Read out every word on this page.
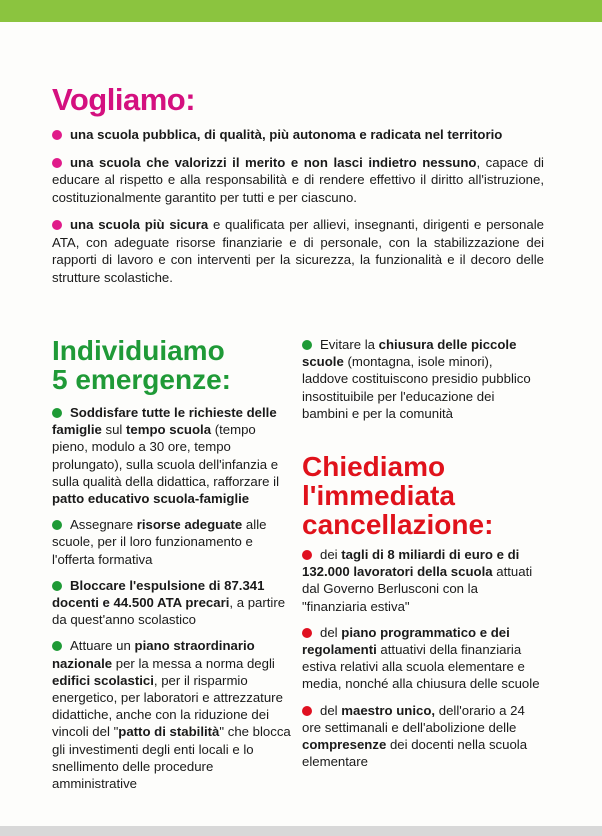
Vogliamo:

una scuola pubblica, di qualità, più autonoma e radicata nel territorio

una scuola che valorizzi il merito e non lasci indietro nessuno, capace di educare al rispetto e alla responsabilità e di rendere effettivo il diritto all'istruzione, costituzionalmente garantito per tutti e per ciascuno.

una scuola più sicura e qualificata per allievi, insegnanti, dirigenti e personale ATA, con adeguate risorse finanziarie e di personale, con la stabilizzazione dei rapporti di lavoro e con interventi per la sicurezza, la funzionalità e il decoro delle strutture scolastiche.

Individuiamo
5 emergenze:

Soddisfare tutte le richieste delle famiglie sul tempo scuola (tempo pieno, modulo a 30 ore, tempo prolungato), sulla scuola dell'infanzia e sulla qualità della didattica, rafforzare il patto educativo scuola-famiglie

Assegnare risorse adeguate alle scuole, per il loro funzionamento e l'offerta formativa

Bloccare l'espulsione di 87.341 docenti e 44.500 ATA precari, a partire da quest'anno scolastico

Attuare un piano straordinario nazionale per la messa a norma degli edifici scolastici, per il risparmio energetico, per laboratori e attrezzature didattiche, anche con la riduzione dei vincoli del "patto di stabilità" che blocca gli investimenti degli enti locali e lo snellimento delle procedure amministrative

Evitare la chiusura delle piccole scuole (montagna, isole minori), laddove costituiscono presidio pubblico insostituibile per l'educazione dei bambini e per la comunità

Chiediamo
l'immediata
cancellazione:

dei tagli di 8 miliardi di euro e di 132.000 lavoratori della scuola attuati dal Governo Berlusconi con la "finanziaria estiva"

del piano programmatico e dei regolamenti attuativi della finanziaria estiva relativi alla scuola elementare e media, nonché alla chiusura delle scuole

del maestro unico, dell'orario a 24 ore settimanali e dell'abolizione delle compresenze dei docenti nella scuola elementare
